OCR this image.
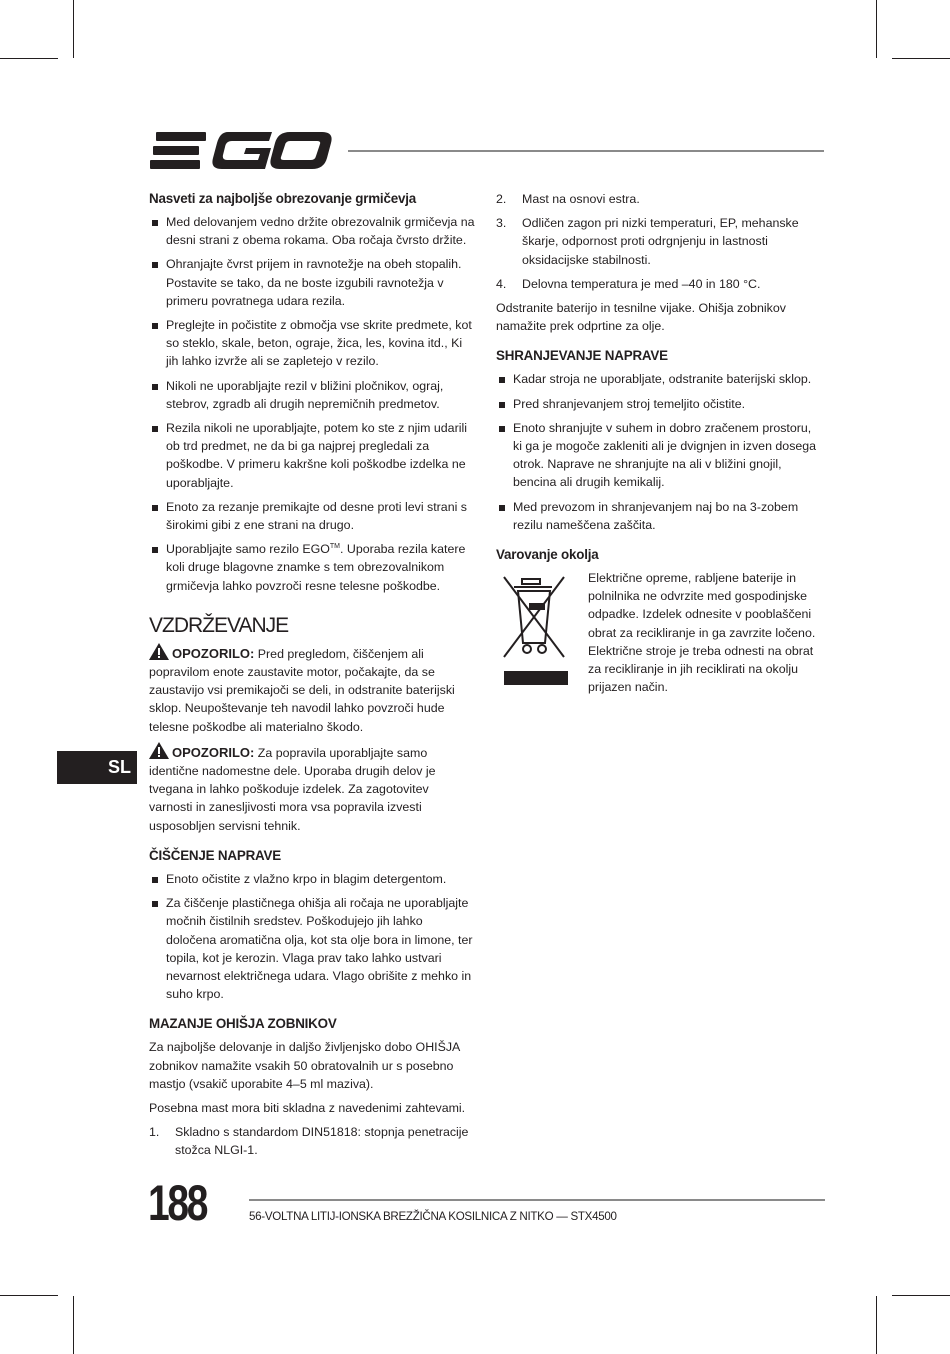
SL
Nasveti za najboljše obrezovanje grmičevja
Med delovanjem vedno držite obrezovalnik grmičevja na desni strani z obema rokama. Oba ročaja čvrsto držite.
Ohranjajte čvrst prijem in ravnotežje na obeh stopalih. Postavite se tako, da ne boste izgubili ravnotežja v primeru povratnega udara rezila.
Preglejte in počistite z območja vse skrite predmete, kot so steklo, skale, beton, ograje, žica, les, kovina itd., Ki jih lahko izvrže ali se zapletejo v rezilo.
Nikoli ne uporabljajte rezil v bližini pločnikov, ograj, stebrov, zgradb ali drugih nepremičnih predmetov.
Rezila nikoli ne uporabljajte, potem ko ste z njim udarili ob trd predmet, ne da bi ga najprej pregledali za poškodbe. V primeru kakršne koli poškodbe izdelka ne uporabljajte.
Enoto za rezanje premikajte od desne proti levi strani s širokimi gibi z ene strani na drugo.
Uporabljajte samo rezilo EGO™. Uporaba rezila katere koli druge blagovne znamke s tem obrezovalnikom grmičevja lahko povzroči resne telesne poškodbe.
VZDRŽEVANJE

OPOZORILO: Pred pregledom, čiščenjem ali popravilom enote zaustavite motor, počakajte, da se zaustavijo vsi premikajoči se deli, in odstranite baterijski sklop. Neupoštevanje teh navodil lahko povzroči hude telesne poškodbe ali materialno škodo.

OPOZORILO: Za popravila uporabljajte samo identične nadomestne dele. Uporaba drugih delov je tvegana in lahko poškoduje izdelek. Za zagotovitev varnosti in zanesljivosti mora vsa popravila izvesti usposobljen servisni tehnik.

ČIŠČENJE NAPRAVE
Enoto očistite z vlažno krpo in blagim detergentom.
Za čiščenje plastičnega ohišja ali ročaja ne uporabljajte močnih čistilnih sredstev. Poškodujejo jih lahko določena aromatična olja, kot sta olje bora in limone, ter topila, kot je kerozin. Vlaga prav tako lahko ustvari nevarnost električnega udara. Vlago obrišite z mehko in suho krpo.
MAZANJE OHIŠJA ZOBNIKOV

Za najboljše delovanje in daljšo življenjsko dobo OHIŠJA zobnikov namažite vsakih 50 obratovalnih ur s posebno mastjo (vsakič uporabite 4–5 ml maziva).

Posebna mast mora biti skladna z navedenimi zahtevami.

1. Skladno s standardom DIN51818: stopnja penetracije stožca NLGI-1.
2. Mast na osnovi estra.
3. Odličen zagon pri nizki temperaturi, EP, mehanske škarje, odpornost proti odrgnjenju in lastnosti oksidacijske stabilnosti.
4. Delovna temperatura je med –40 in 180 °C.

Odstranite baterijo in tesnilne vijake. Ohišja zobnikov namažite prek odprtine za olje.

SHRANJEVANJE NAPRAVE
Kadar stroja ne uporabljate, odstranite baterijski sklop.
Pred shranjevanjem stroj temeljito očistite.
Enoto shranjujte v suhem in dobro zračenem prostoru, ki ga je mogoče zakleniti ali je dvignjen in izven dosega otrok. Naprave ne shranjujte na ali v bližini gnojil, bencina ali drugih kemikalij.
Med prevozom in shranjevanjem naj bo na 3-zobem rezilu nameščena zaščita.
Varovanje okolja
Električne opreme, rabljene baterije in polnilnika ne odvrzite med gospodinjske odpadke. Izdelek odnesite v pooblaščeni obrat za recikliranje in ga zavrzite ločeno. Električne stroje je treba odnesti na obrat za recikliranje in jih reciklirati na okolju prijazen način.
188	56-VOLTNA LITIJ-IONSKA BREZŽIČNA KOSILNICA Z NITKO — STX4500
